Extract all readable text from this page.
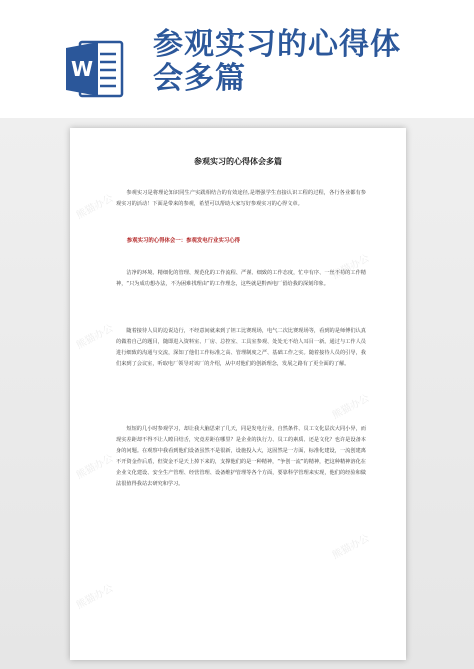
W
参观实习的心得体
会多篇
熊猫办公
熊猫办公
熊猫办公
熊猫办公
熊猫办公
熊猫办公
熊猫办公
参观实习的心得体会多篇
参观实习是将理论知识同生产实践相结合的有效途径,是增强学生直接认识工程的过程，各行各业都有参观实习的活动！下面是带来的参观，希望可以帮助大家写好参观实习的心得文章。
参观实习的心得体会一：参观发电行业实习心得
洁净的环境、精细化的管理、规范化的工作流程、严谨、细致的工作态度，忙中有序、一丝不苟的工作精神，“只为成功想办法，不为困难找理由”的工作理念，这些就是黔西电厂留给我的深刻印象。
随着接待人员的边说边行，不经意间就来到了钽工比赛现场，电气二次比赛现场等，看到的是师傅们认真的做着自己的题目，随即进入资料室、厂房、总控室、工具室参观、处处无不给人耳目一新。通过与工作人员进行细致的沟通与交流，深知了他们工作标准之高、管理制度之严、基础工作之实。随着接待人员的引导，我们来到了会议室，听取电厂领导对该厂的介绍，从中对他们的创新理念，发展之路有了更全面的了解。
短短的几小时参观学习，却让我大脑思索了几天，同是发电行业，自然条件、员工文化层次大同小异，而现实差距却不得不让人瞠目结舌，究竟差距在哪里？是企业的执行力、员工的素质、还是文化？也许是设备本身的问题。在观察中我看到他们设备虽然不是很新，设施投入大，这固然是一方面，标准化建设，一流创建离不开资金作后盾，但资金不是天上掉下来的，支撑他们的是一种精神，“争创一流”的精神，把这种精神溶化在企业文化建设、安全生产管理、经营管理、设备维护管理等各个方面，要靠科学管理来实现，他们的经验和做法很值得我站去研究和学习。
